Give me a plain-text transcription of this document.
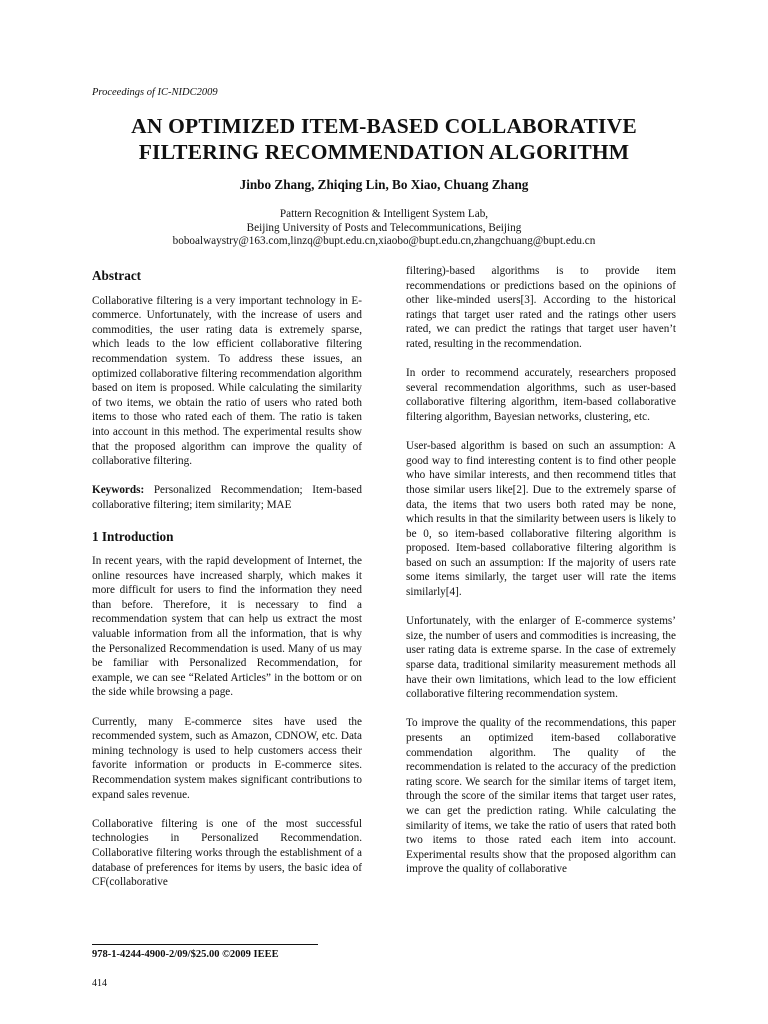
Proceedings of IC-NIDC2009
AN OPTIMIZED ITEM-BASED COLLABORATIVE
FILTERING RECOMMENDATION ALGORITHM
Jinbo Zhang, Zhiqing Lin, Bo Xiao, Chuang Zhang
Pattern Recognition & Intelligent System Lab,
Beijing University of Posts and Telecommunications, Beijing
boboalwaystry@163.com,linzq@bupt.edu.cn,xiaobo@bupt.edu.cn,zhangchuang@bupt.edu.cn
Abstract

Collaborative filtering is a very important technology in E-commerce. Unfortunately, with the increase of users and commodities, the user rating data is extremely sparse, which leads to the low efficient collaborative filtering recommendation system. To address these issues, an optimized collaborative filtering recommendation algorithm based on item is proposed. While calculating the similarity of two items, we obtain the ratio of users who rated both items to those who rated each of them. The ratio is taken into account in this method. The experimental results show that the proposed algorithm can improve the quality of collaborative filtering.

Keywords: Personalized Recommendation; Item-based collaborative filtering; item similarity; MAE

1 Introduction

In recent years, with the rapid development of Internet, the online resources have increased sharply, which makes it more difficult for users to find the information they need than before. Therefore, it is necessary to find a recommendation system that can help us extract the most valuable information from all the information, that is why the Personalized Recommendation is used. Many of us may be familiar with Personalized Recommendation, for example, we can see “Related Articles” in the bottom or on the side while browsing a page.

Currently, many E-commerce sites have used the recommended system, such as Amazon, CDNOW, etc. Data mining technology is used to help customers access their favorite information or products in E-commerce sites. Recommendation system makes significant contributions to expand sales revenue.

Collaborative filtering is one of the most successful technologies in Personalized Recommendation. Collaborative filtering works through the establishment of a database of preferences for items by users, the basic idea of CF(collaborative

filtering)-based algorithms is to provide item recommendations or predictions based on the opinions of other like-minded users[3]. According to the historical ratings that target user rated and the ratings other users rated, we can predict the ratings that target user haven’t rated, resulting in the recommendation.

In order to recommend accurately, researchers proposed several recommendation algorithms, such as user-based collaborative filtering algorithm, item-based collaborative filtering algorithm, Bayesian networks, clustering, etc.

User-based algorithm is based on such an assumption: A good way to find interesting content is to find other people who have similar interests, and then recommend titles that those similar users like[2]. Due to the extremely sparse of data, the items that two users both rated may be none, which results in that the similarity between users is likely to be 0, so item-based collaborative filtering algorithm is proposed. Item-based collaborative filtering algorithm is based on such an assumption: If the majority of users rate some items similarly, the target user will rate the items similarly[4].

Unfortunately, with the enlarger of E-commerce systems’ size, the number of users and commodities is increasing, the user rating data is extreme sparse. In the case of extremely sparse data, traditional similarity measurement methods all have their own limitations, which lead to the low efficient collaborative filtering recommendation system.

To improve the quality of the recommendations, this paper presents an optimized item-based collaborative commendation algorithm. The quality of the recommendation is related to the accuracy of the prediction rating score. We search for the similar items of target item, through the score of the similar items that target user rates, we can get the prediction rating. While calculating the similarity of items, we take the ratio of users that rated both two items to those rated each item into account. Experimental results show that the proposed algorithm can improve the quality of collaborative

978-1-4244-4900-2/09/$25.00 ©2009 IEEE
414
